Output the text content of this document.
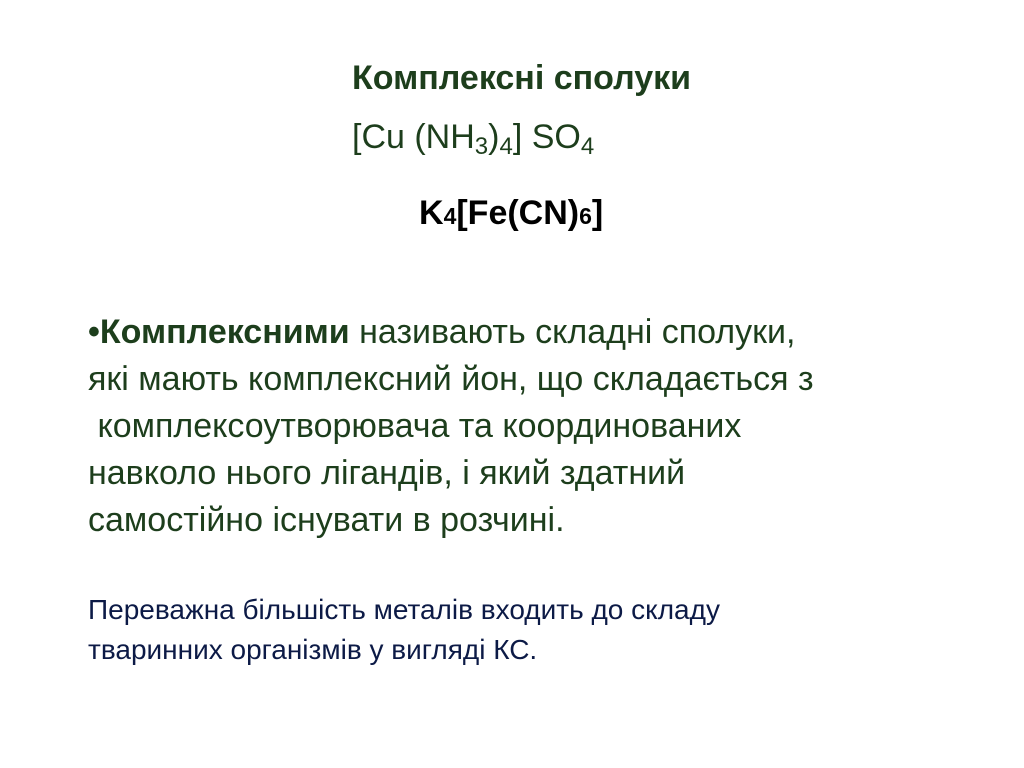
Комплексні сполуки
[Cu $(NH_3)_4$] $SO_4$
K4[Fe(CN)6]
•Комплексними називають складні сполуки,
які мають комплексний йон, що складається з
комплексоутворювача та координованих
навколо нього лігандів, і який здатний
самостійно існувати в розчині.
Переважна більшість металів входить до складу
тваринних організмів у вигляді КС.
